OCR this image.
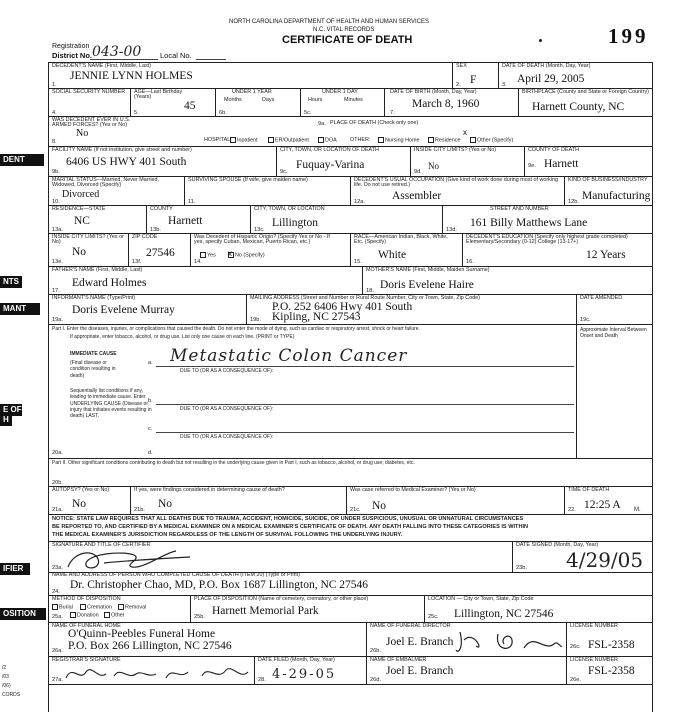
NORTH CAROLINA DEPARTMENT OF HEALTH AND HUMAN SERVICES
N.C. VITAL RECORDS
CERTIFICATE OF DEATH	199
Registration
District No. 043-00 Local No.
DENT
NTS
MANT
E OF
H
IFIER
OSITION
/2
/03
/06)
CORDS
DECEDENT'S NAME (First, Middle, Last)
JENNIE LYNN HOLMES
1.
SEX
F
2.
DATE OF DEATH (Month, Day, Year)
3. April 29, 2005
SOCIAL SECURITY NUMBER
4.
AGE—Last Birthday (Years)
45
5.
UNDER 1 YEAR
Months	Days
6b.
UNDER 1 DAY
Hours	Minutes
5c.
DATE OF BIRTH (Month, Day, Year)
March 8, 1960
7.
BIRTHPLACE (County and State or Foreign Country)
Harnett County, NC
WAS DECEDENT EVER IN U.S. ARMED FORCES? (Yes or No)
No
8.
PLACE OF DEATH (Check only one)
9a.
HOSPITAL: Inpatient	ER/Outpatient	DOA OTHER:	Nursing Home	Residence	Other (Specify)
x
FACILITY NAME (If not institution, give street and number)
6406 US HWY 401 South
9b.
CITY, TOWN, OR LOCATION OF DEATH
Fuquay-Varina
9c.
INSIDE CITY LIMITS? (Yes or No)
No
9d.
COUNTY OF DEATH
Harnett
9e.
MARITAL STATUS—Married, Never Married, Widowed, Divorced (Specify)
Divorced
10.
SURVIVING SPOUSE (If wife, give maiden name)
11.
DECEDENT'S USUAL OCCUPATION (Give kind of work done during most of working life. Do not use retired.)
Assembler
12a.
KIND OF BUSINESS/INDUSTRY
Manufacturing
12b.
RESIDENCE—STATE
NC
13a.
COUNTY
Harnett
13b.
CITY, TOWN, OR LOCATION
Lillington
13c.
STREET AND NUMBER
161 Billy Matthews Lane
13d.
INSIDE CITY LIMITS? (Yes or No)
No
13e.
ZIP CODE
27546
13f.
Was Decedent of Hispanic Origin? (Specify Yes or No - If yes, specify Cuban, Mexican, Puerto Rican, etc.)
Yes	No (Specify)
x
14.
RACE—American Indian, Black, White, Etc. (Specify)
White
15.
DECEDENT'S EDUCATION (Specify only highest grade completed) Elementary/Secondary (0-12) College (13-17+)
12 Years
16.
FATHER'S NAME (First, Middle, Last)
Edward Holmes
17.
MOTHER'S NAME (First, Middle, Maiden Surname)
Doris Evelene Haire
18.
INFORMANT'S NAME (Type/Print)
Doris Evelene Murray
19a.
MAILING ADDRESS (Street and Number or Rural Route Number, City or Town, State, Zip Code)
P.O. 252 6406 Hwy 401 South
Kipling, NC 27543
19b.
DATE AMENDED
19c.
Part I. Enter the diseases, injuries, or complications that caused the death. Do not enter the mode of dying, such as cardiac or respiratory arrest, shock or heart failure.
If appropriate, enter tobacco, alcohol, or drug use. List only one cause on each line. (PRINT or TYPE)
Approximate Interval Between Onset and Death
IMMEDIATE CAUSE
(Final disease or condition resulting in death)
a. Metastatic Colon Cancer
DUE TO (OR AS A CONSEQUENCE OF):
Sequentially list conditions if any, leading to immediate cause. Enter UNDERLYING CAUSE (Disease or injury that initiates events resulting in death) LAST.
b.
DUE TO (OR AS A CONSEQUENCE OF):
c.
DUE TO (OR AS A CONSEQUENCE OF):
20a.	d.
Part II. Other significant conditions contributing to death but not resulting in the underlying cause given in Part I, such as tobacco, alcohol, or drug use; diabetes, etc.
20b.
AUTOPSY? (Yes or No)
No
21a.
If yes, were findings considered in determining cause of death?
No
21b.
Was case referred to Medical Examiner? (Yes or No)
No
21c.
TIME OF DEATH
12:25 A M.
22.
NOTICE: STATE LAW REQUIRES THAT ALL DEATHS DUE TO TRAUMA, ACCIDENT, HOMICIDE, SUICIDE, OR UNDER SUSPICIOUS, UNUSUAL OR UNNATURAL CIRCUMSTANCES
BE REPORTED TO, AND CERTIFIED BY A MEDICAL EXAMINER ON A MEDICAL EXAMINER'S CERTIFICATE OF DEATH. ANY DEATH FALLING INTO THESE CATEGORIES IS WITHIN
THE MEDICAL EXAMINER'S JURISDICTION REGARDLESS OF THE LENGTH OF SURVIVAL FOLLOWING THE UNDERLYING INJURY.
SIGNATURE AND TITLE OF CERTIFIER
23a.
DATE SIGNED (Month, Day, Year)
4/29/05
23b.
NAME AND ADDRESS OF PERSON WHO COMPLETED CAUSE OF DEATH (ITEM 20) (Type or Print)
Dr. Christopher Chao, MD, P.O. Box 1687 Lillington, NC 27546
24.
METHOD OF DISPOSITION
Burial	Cremation	Removal
Donation	Other
25a.
PLACE OF DISPOSITION (Name of cemetery, crematory, or other place)
Harnett Memorial Park
25b.
LOCATION — City or Town, State, Zip Code
Lillington, NC 27546
25c.
NAME OF FUNERAL HOME
O'Quinn-Peebles Funeral Home
P.O. Box 266 Lillington, NC 27546
26a.
NAME OF FUNERAL DIRECTOR
Joel E. Branch
26b.
LICENSE NUMBER
FSL-2358
26c.
REGISTRAR'S SIGNATURE
27a.
DATE FILED (Month, Day, Year)
4-29-05
28.
NAME OF EMBALMER
Joel E. Branch
26d.
LICENSE NUMBER
FSL-2358
26e.
